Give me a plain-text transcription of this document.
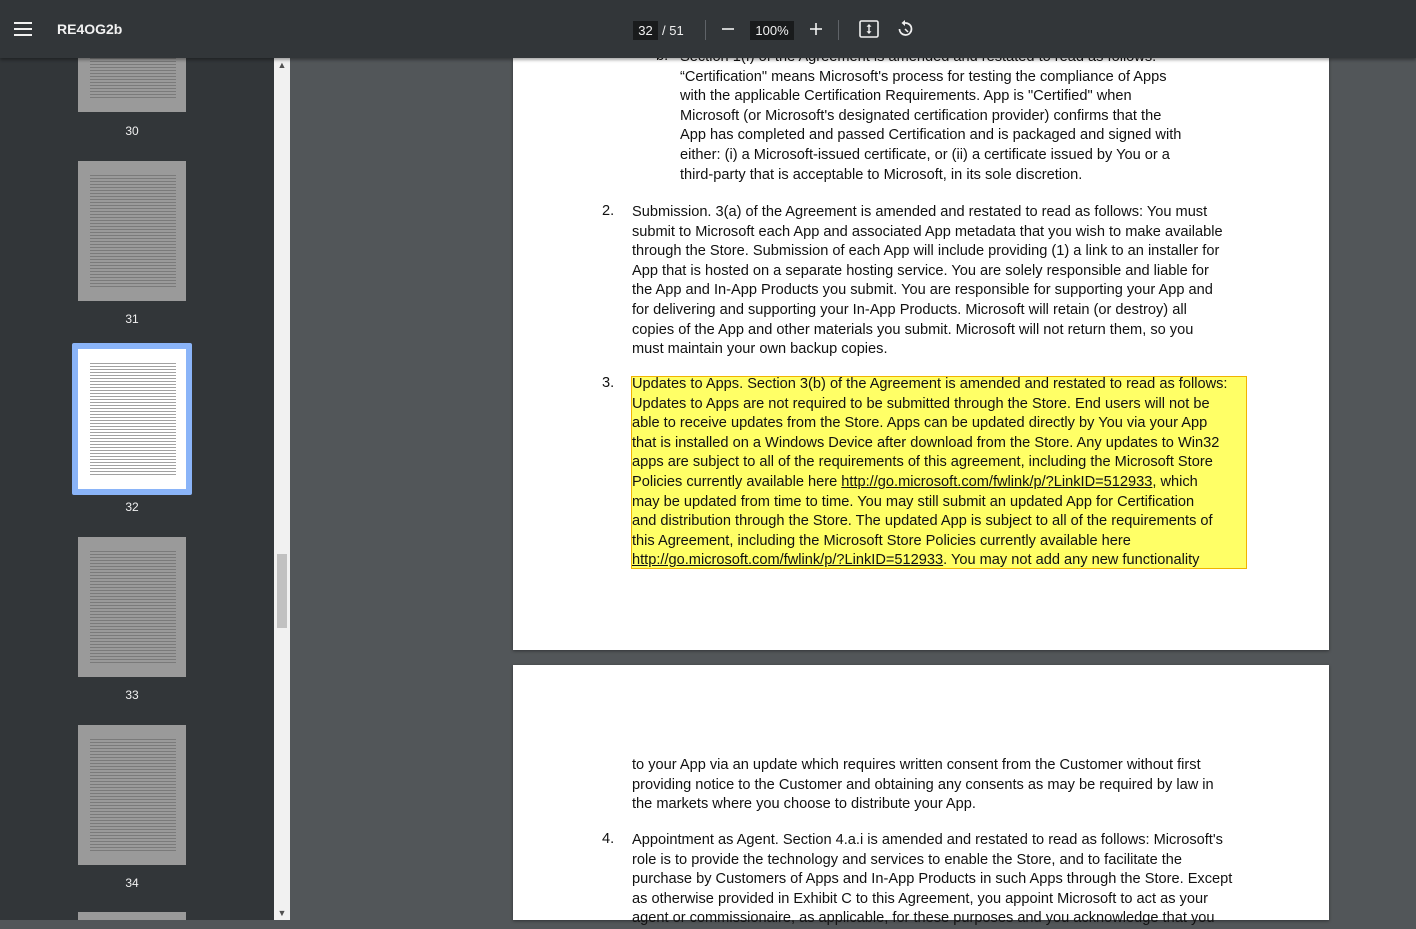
RE4OG2b
32	/ 51
100%
30
31
32
33
34
▲
▼
“Certification" means Microsoft's process for testing the compliance of Apps
with the applicable Certification Requirements. App is "Certified" when
Microsoft (or Microsoft's designated certification provider) confirms that the
App has completed and passed Certification and is packaged and signed with
either: (i) a Microsoft-issued certificate, or (ii) a certificate issued by You or a
third-party that is acceptable to Microsoft, in its sole discretion.
2. Submission. 3(a) of the Agreement is amended and restated to read as follows: You must
submit to Microsoft each App and associated App metadata that you wish to make available
through the Store. Submission of each App will include providing (1) a link to an installer for
App that is hosted on a separate hosting service. You are solely responsible and liable for
the App and In-App Products you submit. You are responsible for supporting your App and
for delivering and supporting your In-App Products. Microsoft will retain (or destroy) all
copies of the App and other materials you submit. Microsoft will not return them, so you
must maintain your own backup copies.
3. Updates to Apps. Section 3(b) of the Agreement is amended and restated to read as follows:
Updates to Apps are not required to be submitted through the Store. End users will not be
able to receive updates from the Store. Apps can be updated directly by You via your App
that is installed on a Windows Device after download from the Store. Any updates to Win32
apps are subject to all of the requirements of this agreement, including the Microsoft Store
Policies currently available here http://go.microsoft.com/fwlink/p/?LinkID=512933, which
may be updated from time to time. You may still submit an updated App for Certification
and distribution through the Store. The updated App is subject to all of the requirements of
this Agreement, including the Microsoft Store Policies currently available here
http://go.microsoft.com/fwlink/p/?LinkID=512933. You may not add any new functionality
to your App via an update which requires written consent from the Customer without first
providing notice to the Customer and obtaining any consents as may be required by law in
the markets where you choose to distribute your App.
4. Appointment as Agent. Section 4.a.i is amended and restated to read as follows: Microsoft's
role is to provide the technology and services to enable the Store, and to facilitate the
purchase by Customers of Apps and In-App Products in such Apps through the Store. Except
as otherwise provided in Exhibit C to this Agreement, you appoint Microsoft to act as your
agent or commissionaire, as applicable, for these purposes and you acknowledge that you
